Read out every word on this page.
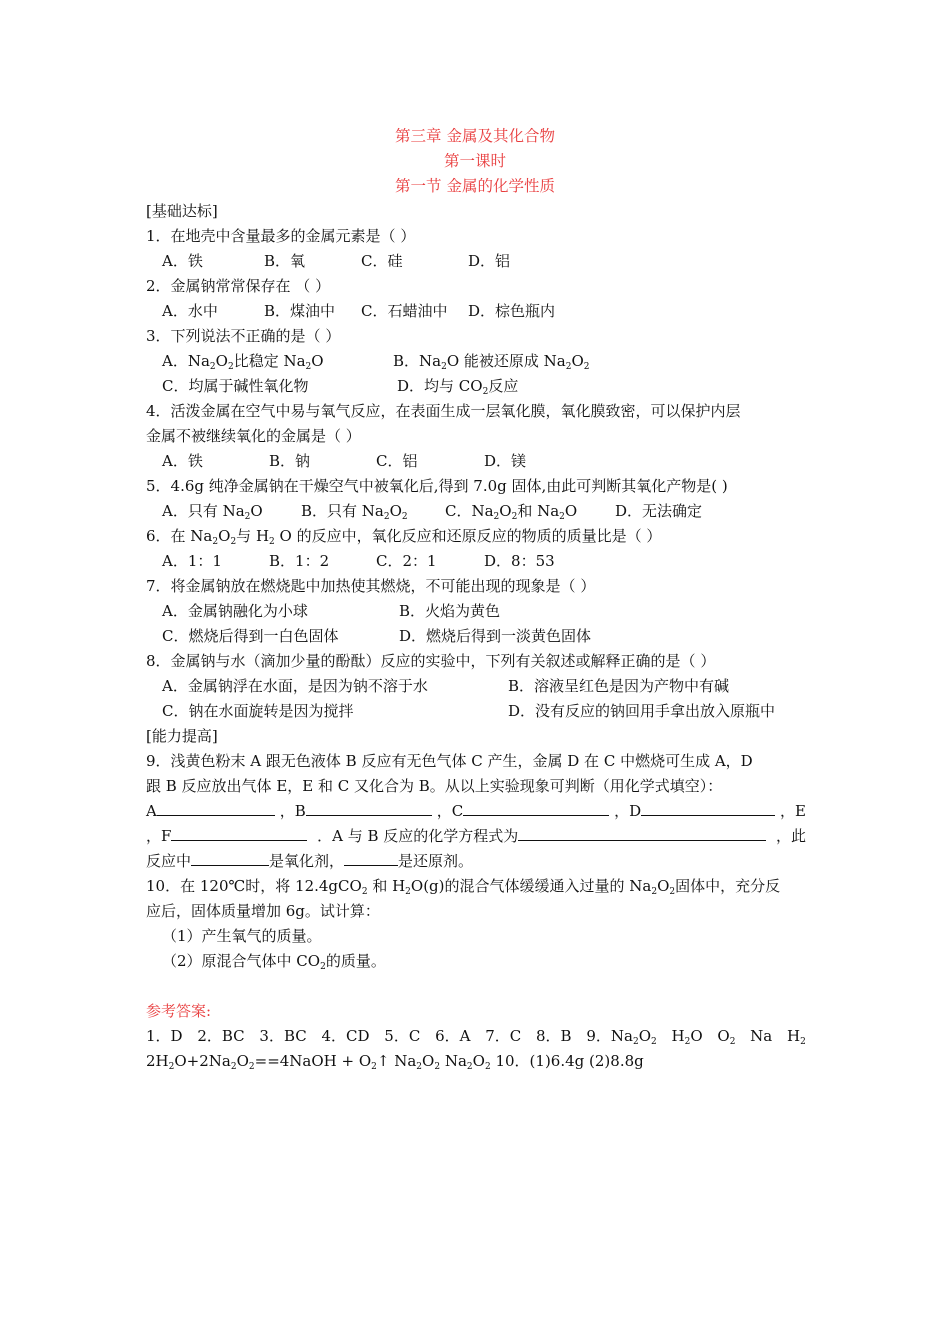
第三章 金属及其化合物
第一课时
第一节 金属的化学性质
[基础达标]
1．在地壳中含量最多的金属元素是（ ）
A．铁	B．氧	C．硅	D．铝
2．金属钠常常保存在 （ ）
A．水中	B．煤油中 C．石蜡油中 D．棕色瓶内
3．下列说法不正确的是（ ）
A．$Na_2O_2$比稳定 $Na_2O$	B．$Na_2O$ 能被还原成 $Na_2O_2$
C．均属于碱性氧化物	D．均与 $CO_2$反应
4．活泼金属在空气中易与氧气反应，在表面生成一层氧化膜，氧化膜致密，可以保护内层
金属不被继续氧化的金属是（ ）
A．铁	B．钠	C．铝	D．镁
5．4.6g 纯净金属钠在干燥空气中被氧化后,得到 7.0g 固体,由此可判断其氧化产物是( )
A．只有 $Na_2O$	B．只有 $Na_2O_2$ C．$Na_2O_2$和 $Na_2O$	D．无法确定
6．在 $Na_2O_2$与 $H_2$ O 的反应中，氧化反应和还原反应的物质的质量比是（ ）
A．1：1	B．1：2	C．2：1	D．8：53
7．将金属钠放在燃烧匙中加热使其燃烧，不可能出现的现象是（ ）
A．金属钠融化为小球	B．火焰为黄色
C．燃烧后得到一白色固体	D．燃烧后得到一淡黄色固体
8．金属钠与水（滴加少量的酚酞）反应的实验中，下列有关叙述或解释正确的是（ ）
A．金属钠浮在水面，是因为钠不溶于水	B．溶液呈红色是因为产物中有碱
C．钠在水面旋转是因为搅拌	D．没有反应的钠回用手拿出放入原瓶中
[能力提高]
9．浅黄色粉末 A 跟无色液体 B 反应有无色气体 C 产生，金属 D 在 C 中燃烧可生成 A，D
跟 B 反应放出气体 E，E 和 C 又化合为 B。从以上实验现象可判断（用化学式填空）：
A	，B	，C	，D	，E
，F	．A 与 B 反应的化学方程式为	，此
反应中	是氧化剂，	是还原剂。
10．在 120℃时，将 12.4gCO$_2$ 和 $H_2O(g)$的混合气体缓缓通入过量的 $Na_2O_2$固体中，充分反
应后，固体质量增加 6g。试计算：
（1）产生氧气的质量。
（2）原混合气体中 $CO_2$的质量。
参考答案:
1．D 2．BC 3．BC 4．CD 5．C 6．A 7．C 8．B 9．$Na_2O_2$ $H_2O$ $O_2$ Na $H_2$
$2H_2O+2Na_2O_2==4NaOH$ + $O_2↑$ $Na_2O_2$ $Na_2O_2$ 10．(1)6.4g (2)8.8g
